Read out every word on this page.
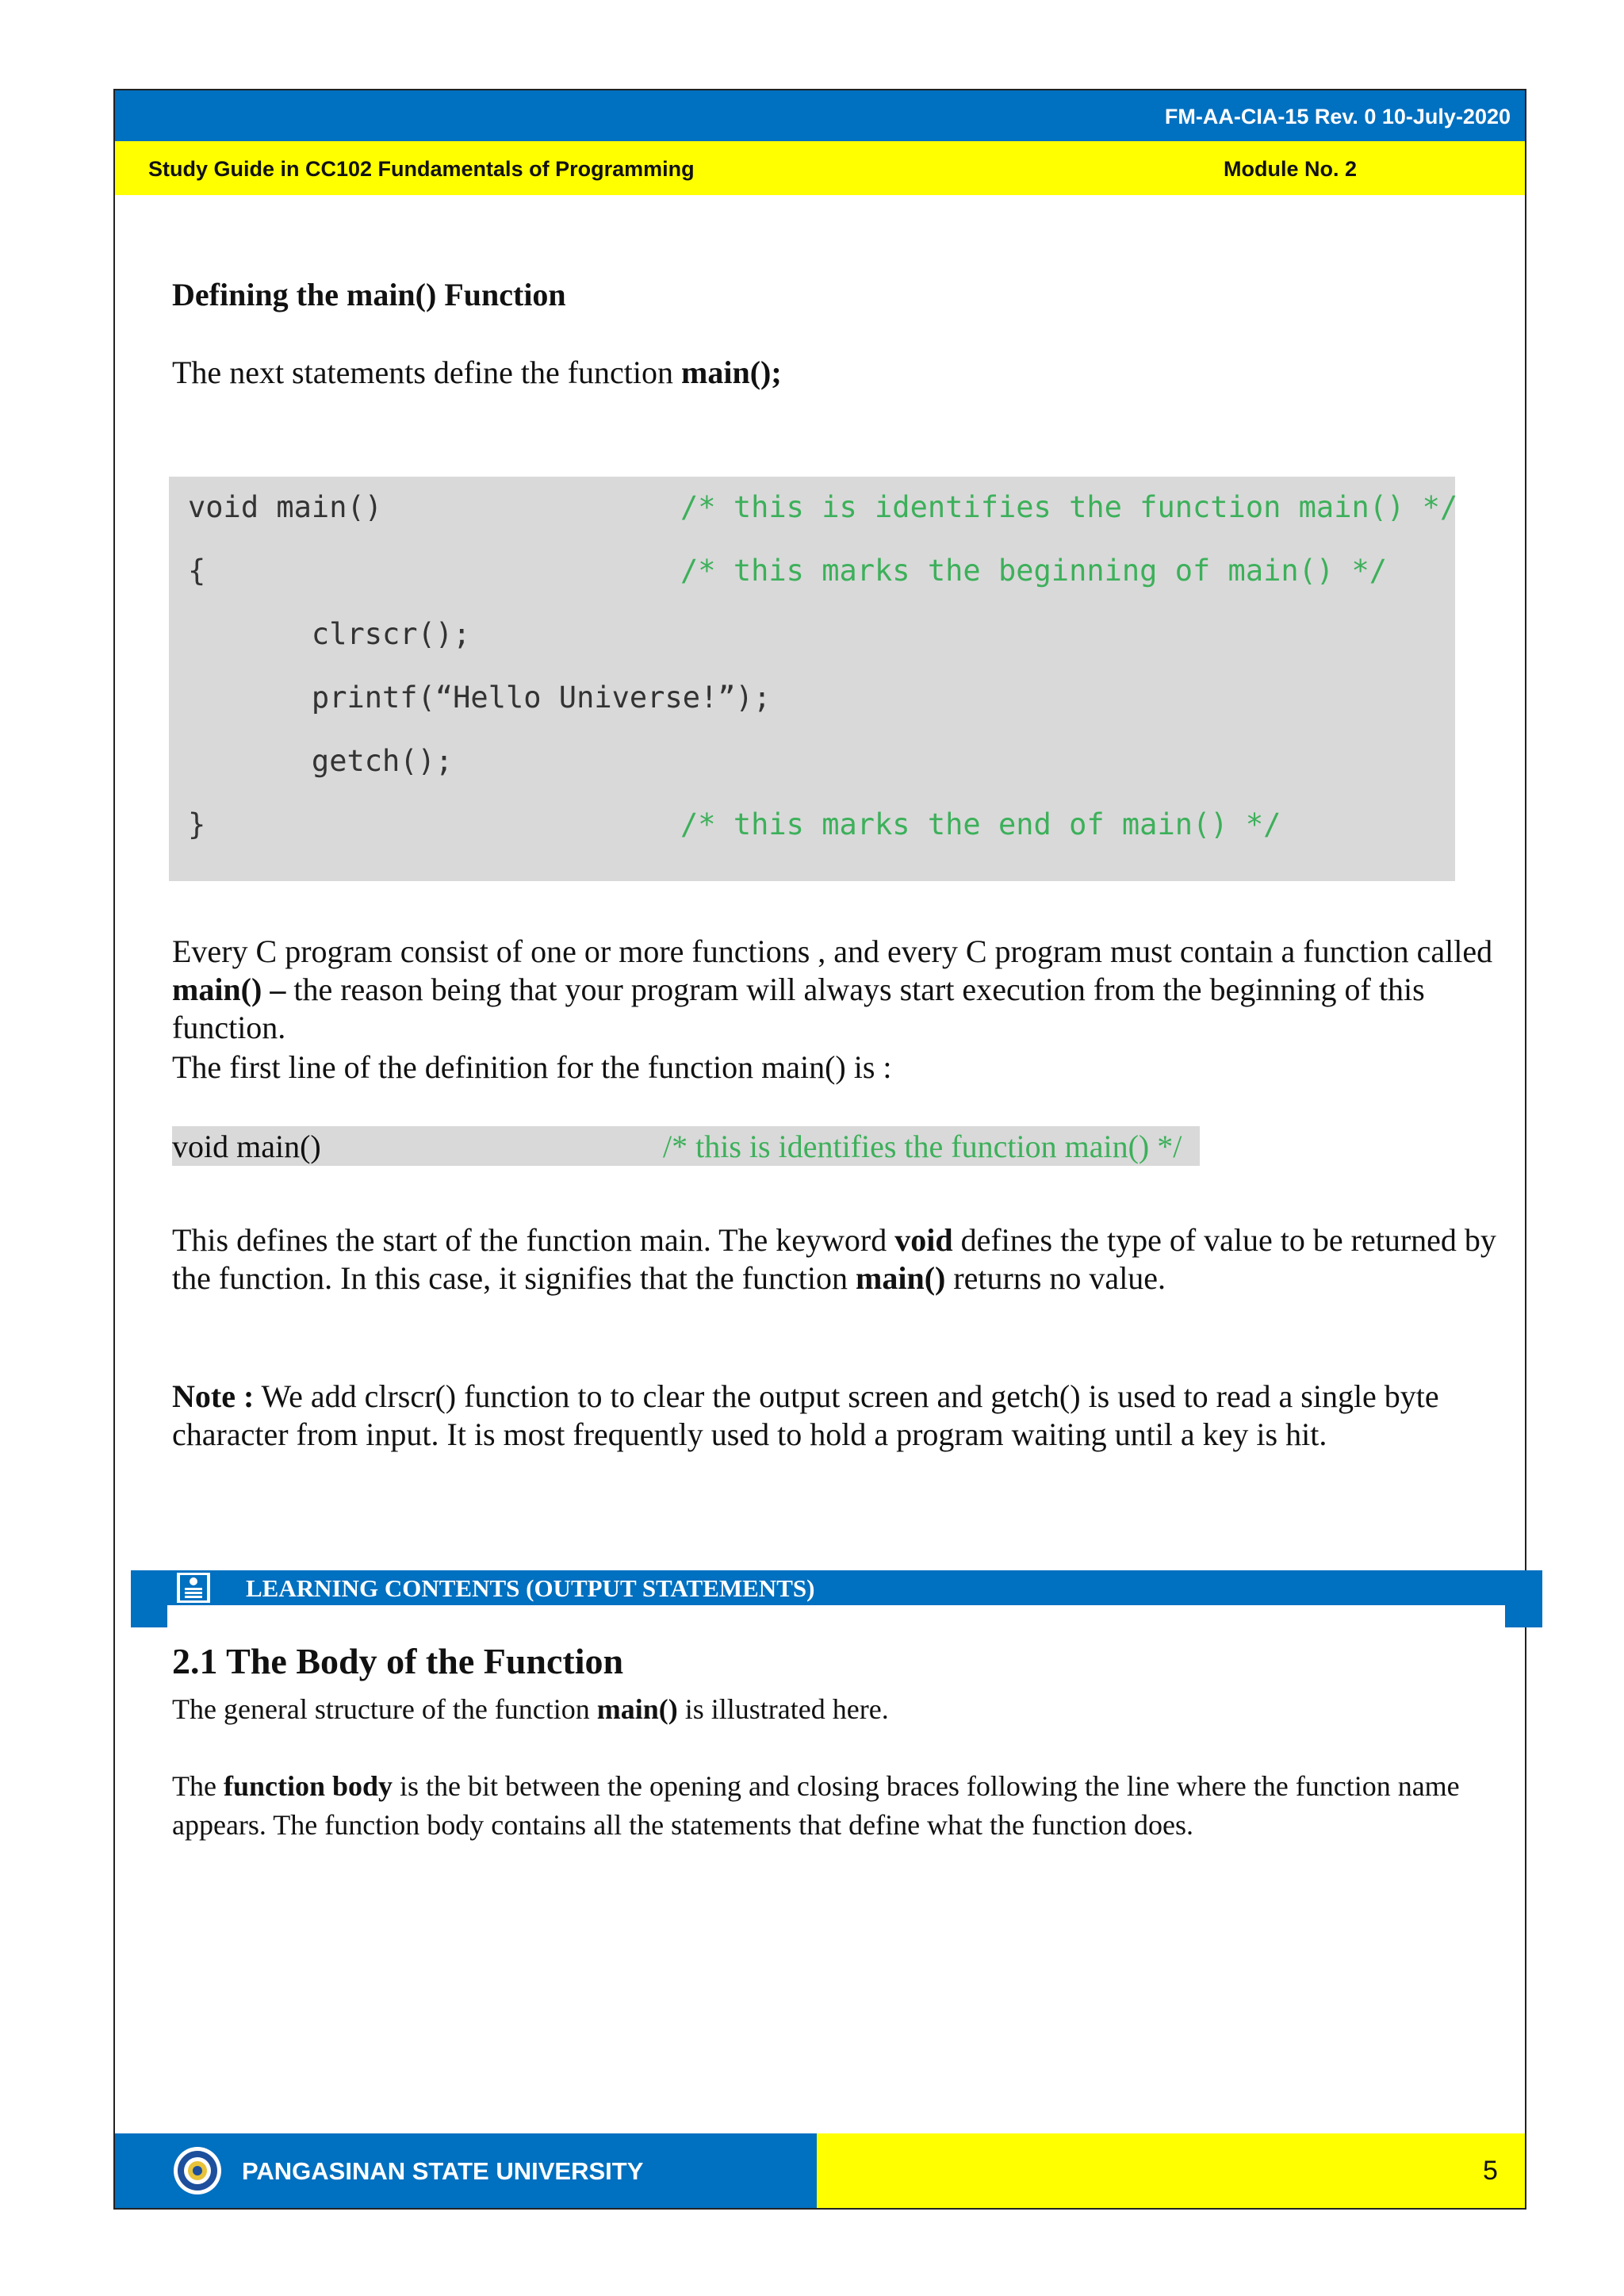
FM-AA-CIA-15 Rev. 0 10-July-2020
Study Guide in CC102 Fundamentals of Programming	Module No. 2
Defining the main() Function
The next statements define the function main();
void main()	/* this is identifies the function main() */
{	/* this marks the beginning of main() */
clrscr();
printf(“Hello Universe!”);
getch();
}	/* this marks the end of main() */
Every C program consist of one or more functions , and every C program must contain a function called main() – the reason being that your program will always start execution from the beginning of this function.
The first line of the definition for the function main() is :
void main()	/* this is identifies the function main() */
This defines the start of the function main. The keyword void defines the type of value to be returned by the function. In this case, it signifies that the function main() returns no value.
Note : We add clrscr() function to to clear the output screen and getch() is used to read a single byte character from input. It is most frequently used to hold a program waiting until a key is hit.
LEARNING CONTENTS (OUTPUT STATEMENTS)
2.1 The Body of the Function
The general structure of the function main() is illustrated here.
The function body is the bit between the opening and closing braces following the line where the function name appears. The function body contains all the statements that define what the function does.
PANGASINAN STATE UNIVERSITY	5
